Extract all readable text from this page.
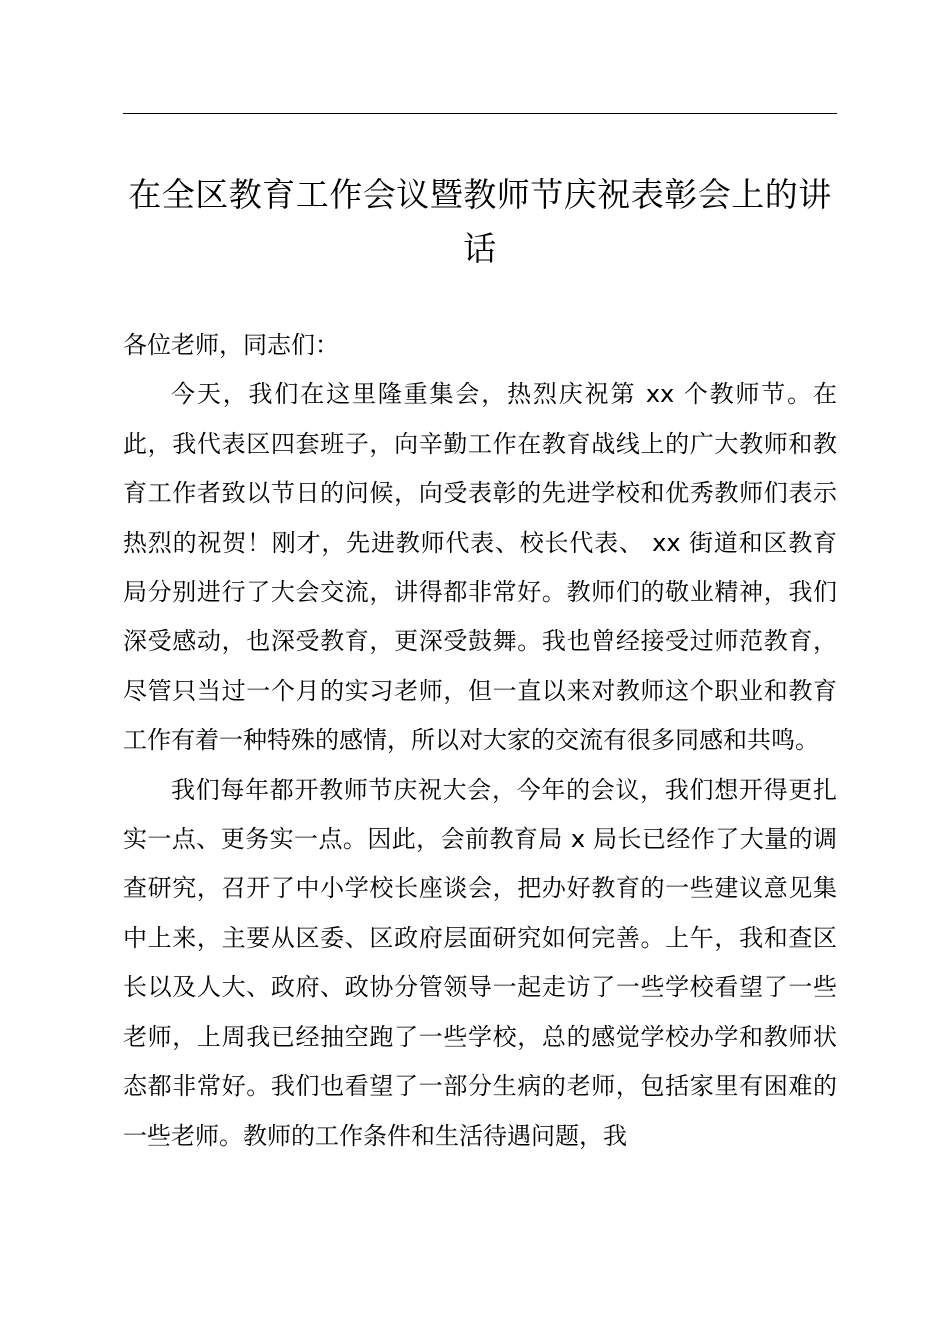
在全区教育工作会议暨教师节庆祝表彰会上的讲话

各位老师，同志们：

今天，我们在这里隆重集会，热烈庆祝第 xx 个教师节。在此，我代表区四套班子，向辛勤工作在教育战线上的广大教师和教育工作者致以节日的问候，向受表彰的先进学校和优秀教师们表示热烈的祝贺！刚才，先进教师代表、校长代表、 xx 街道和区教育局分别进行了大会交流，讲得都非常好。教师们的敬业精神，我们深受感动，也深受教育，更深受鼓舞。我也曾经接受过师范教育，尽管只当过一个月的实习老师，但一直以来对教师这个职业和教育工作有着一种特殊的感情，所以对大家的交流有很多同感和共鸣。

我们每年都开教师节庆祝大会，今年的会议，我们想开得更扎实一点、更务实一点。因此，会前教育局 x 局长已经作了大量的调查研究，召开了中小学校长座谈会，把办好教育的一些建议意见集中上来，主要从区委、区政府层面研究如何完善。上午，我和查区长以及人大、政府、政协分管领导一起走访了一些学校看望了一些老师，上周我已经抽空跑了一些学校，总的感觉学校办学和教师状态都非常好。我们也看望了一部分生病的老师，包括家里有困难的一些老师。教师的工作条件和生活待遇问题，我
